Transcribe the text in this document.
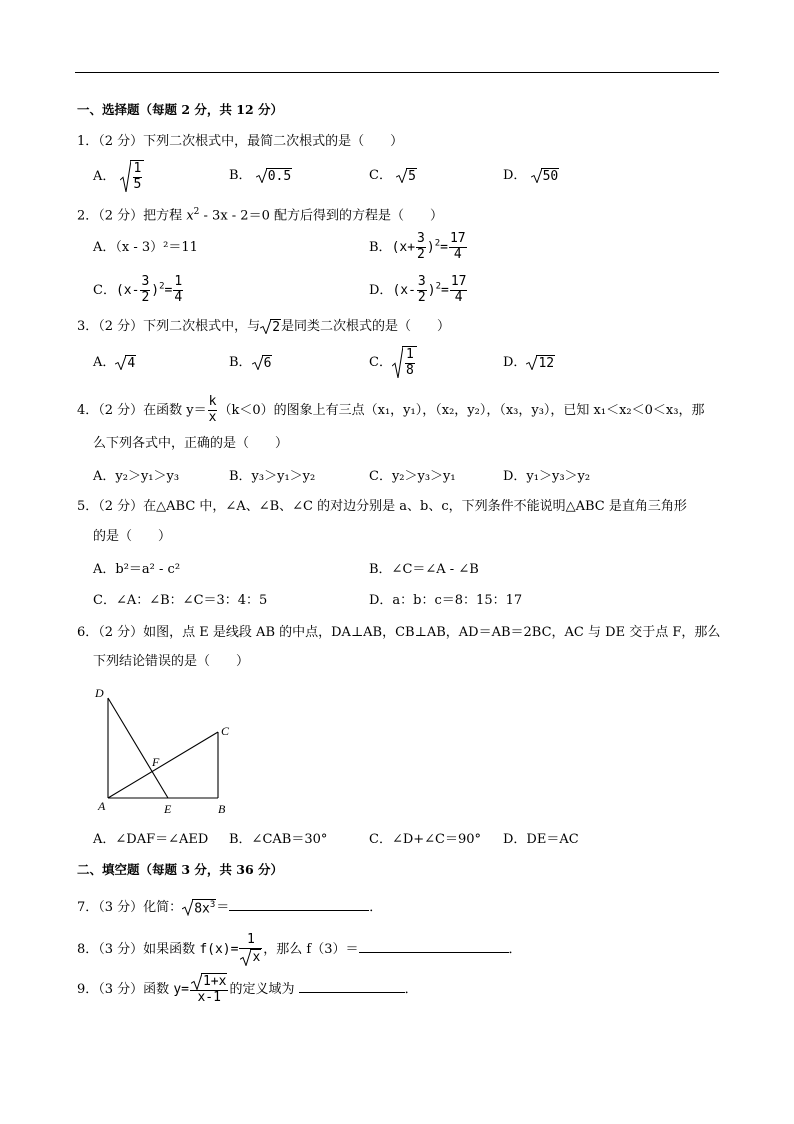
一、选择题（每题 2 分，共 12 分）
1．（2 分）下列二次根式中，最简二次根式的是（　　）
A． $\frac{1}{5}$	B． 0.5	C． 5	D． 50
2．（2 分）把方程 $x^2 - 3x - 2=0$ 配方后得到的方程是（　　）
A．（x - 3）²＝11	B．$(x+ \frac{3}{2} )^2= \frac{17}{4}$
C．$(x- \frac{3}{2} )^2= \frac{1}{4}$	D．$(x- \frac{3}{2} )^2= \frac{17}{4}$
3．（2 分）下列二次根式中，与 2是同类二次根式的是（　　）
A． 4	B． 6	C． $\frac{1}{8}$	D． 12
4．（2 分）在函数 $y= \frac{k}{x} (k<0)$的图象上有三点（x₁，y₁），（x₂，y₂），（x₃，y₃），已知 x₁＜x₂＜0＜x₃，那
么下列各式中，正确的是（　　）
A．y₂＞y₁＞y₃	B．y₃＞y₁＞y₂	C．y₂＞y₃＞y₁	D．y₁＞y₃＞y₂
5．（2 分）在△ABC 中，∠A、∠B、∠C 的对边分别是 a、b、c，下列条件不能说明△ABC 是直角三角形
的是（　　）
A．b²＝a² - c²	B．∠C＝∠A - ∠B
C．∠A：∠B：∠C＝3：4：5	D．a：b：c＝8：15：17
6．（2 分）如图，点 E 是线段 AB 的中点，DA⊥AB，CB⊥AB，AD＝AB＝2BC，AC 与 DE 交于点 F，那么
下列结论错误的是（　　）
D
C
F
A	E	B
A．∠DAF＝∠AED B．∠CAB＝30°	C．∠D+∠C＝90° D．DE＝AC
二、填空题（每题 3 分，共 36 分）
7．（3 分）化简： $8x^3=$	．
8．（3 分）如果函数 $f(x)= \frac{1}{x}$ ，那么 f（3）＝	．
9．（3 分）函数 $y= \frac{1+x}{x-1}$ 的定义域为	．
